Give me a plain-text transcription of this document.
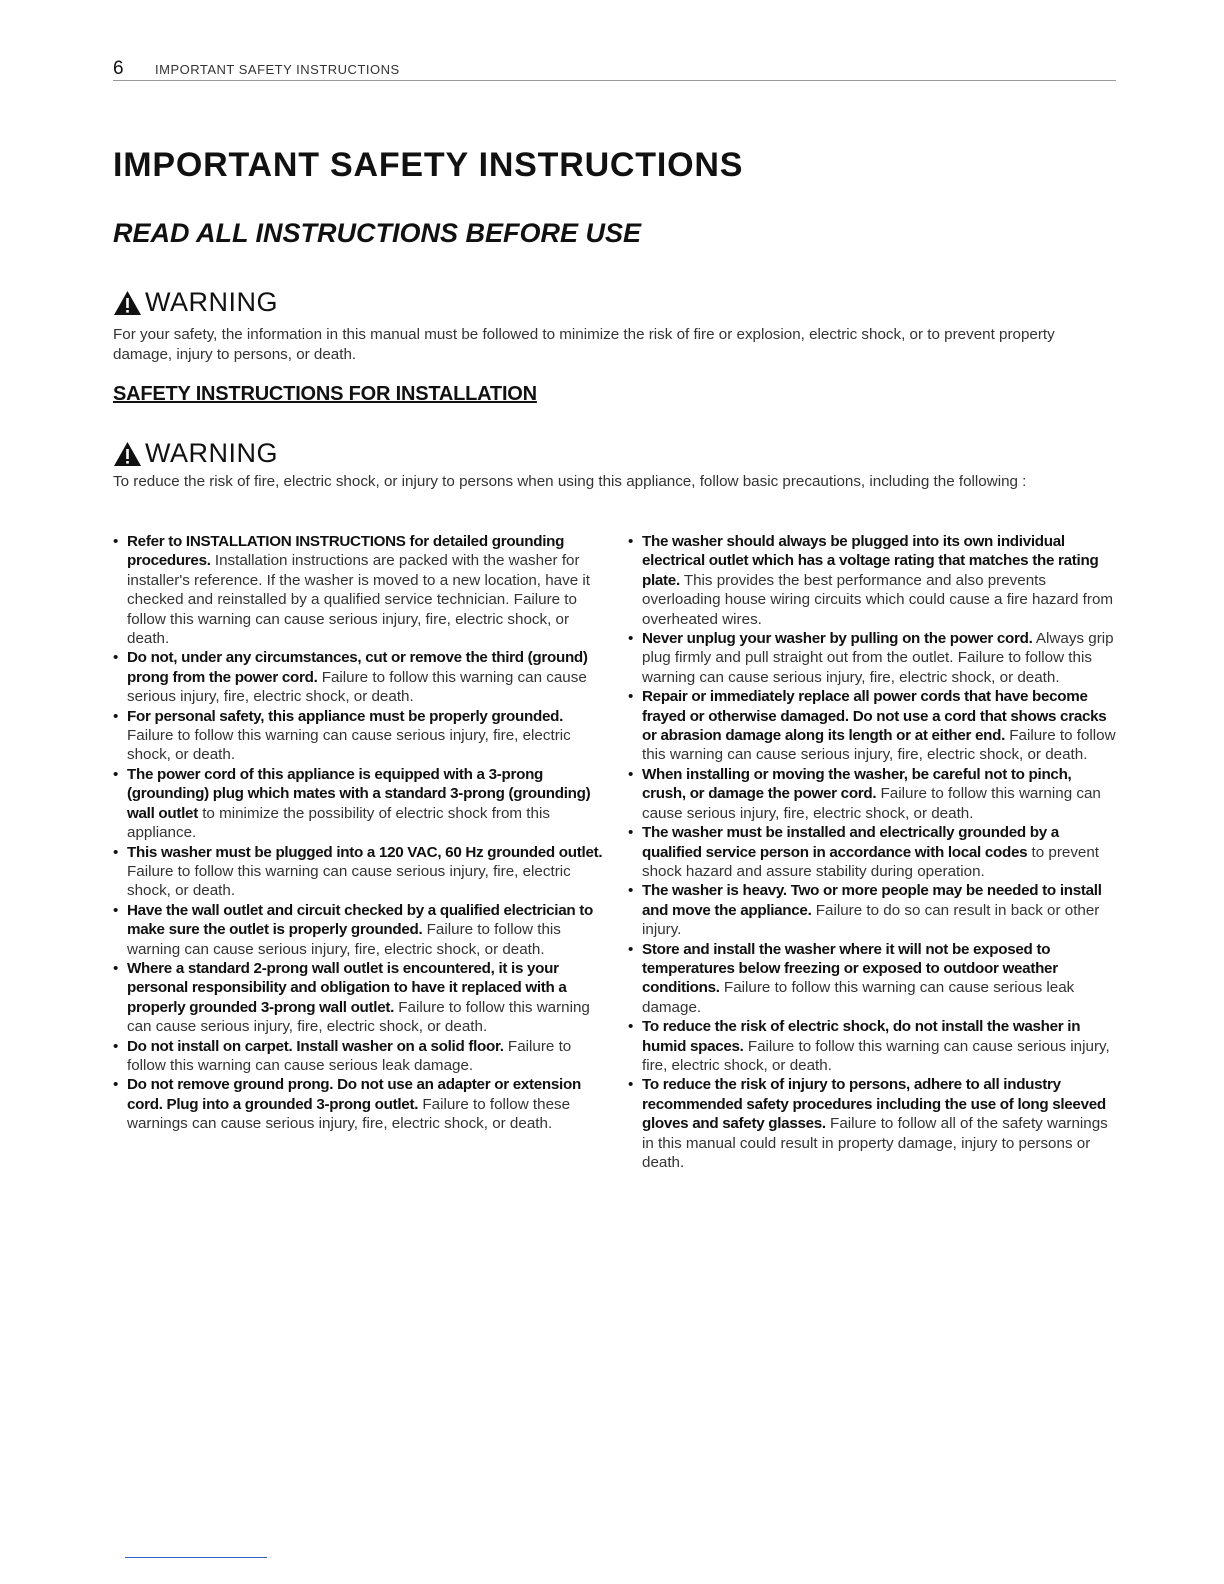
6 IMPORTANT SAFETY INSTRUCTIONS
IMPORTANT SAFETY INSTRUCTIONS
READ ALL INSTRUCTIONS BEFORE USE
WARNING

For your safety, the information in this manual must be followed to minimize the risk of fire or explosion, electric shock, or to prevent property damage, injury to persons, or death.

SAFETY INSTRUCTIONS FOR INSTALLATION
WARNING

To reduce the risk of fire, electric shock, or injury to persons when using this appliance, follow basic precautions, including the following :

• Refer to INSTALLATION INSTRUCTIONS for detailed grounding procedures. Installation instructions are packed with the washer for installer's reference. If the washer is moved to a new location, have it checked and reinstalled by a qualified service technician. Failure to follow this warning can cause serious injury, fire, electric shock, or death.
• Do not, under any circumstances, cut or remove the third (ground) prong from the power cord. Failure to follow this warning can cause serious injury, fire, electric shock, or death.
• For personal safety, this appliance must be properly grounded. Failure to follow this warning can cause serious injury, fire, electric shock, or death.
• The power cord of this appliance is equipped with a 3-prong (grounding) plug which mates with a standard 3-prong (grounding) wall outlet to minimize the possibility of electric shock from this appliance.
• This washer must be plugged into a 120 VAC, 60 Hz grounded outlet. Failure to follow this warning can cause serious injury, fire, electric shock, or death.
• Have the wall outlet and circuit checked by a qualified electrician to make sure the outlet is properly grounded. Failure to follow this warning can cause serious injury, fire, electric shock, or death.
• Where a standard 2-prong wall outlet is encountered, it is your personal responsibility and obligation to have it replaced with a properly grounded 3-prong wall outlet. Failure to follow this warning can cause serious injury, fire, electric shock, or death.
• Do not install on carpet. Install washer on a solid floor. Failure to follow this warning can cause serious leak damage.
• Do not remove ground prong. Do not use an adapter or extension cord. Plug into a grounded 3-prong outlet. Failure to follow these warnings can cause serious injury, fire, electric shock, or death.
• The washer should always be plugged into its own individual electrical outlet which has a voltage rating that matches the rating plate. This provides the best performance and also prevents overloading house wiring circuits which could cause a fire hazard from overheated wires.
• Never unplug your washer by pulling on the power cord. Always grip plug firmly and pull straight out from the outlet. Failure to follow this warning can cause serious injury, fire, electric shock, or death.
• Repair or immediately replace all power cords that have become frayed or otherwise damaged. Do not use a cord that shows cracks or abrasion damage along its length or at either end. Failure to follow this warning can cause serious injury, fire, electric shock, or death.
• When installing or moving the washer, be careful not to pinch, crush, or damage the power cord. Failure to follow this warning can cause serious injury, fire, electric shock, or death.
• The washer must be installed and electrically grounded by a qualified service person in accordance with local codes to prevent shock hazard and assure stability during operation.
• The washer is heavy. Two or more people may be needed to install and move the appliance. Failure to do so can result in back or other injury.
• Store and install the washer where it will not be exposed to temperatures below freezing or exposed to outdoor weather conditions. Failure to follow this warning can cause serious leak damage.
• To reduce the risk of electric shock, do not install the washer in humid spaces. Failure to follow this warning can cause serious injury, fire, electric shock, or death.
• To reduce the risk of injury to persons, adhere to all industry recommended safety procedures including the use of long sleeved gloves and safety glasses. Failure to follow all of the safety warnings in this manual could result in property damage, injury to persons or death.
